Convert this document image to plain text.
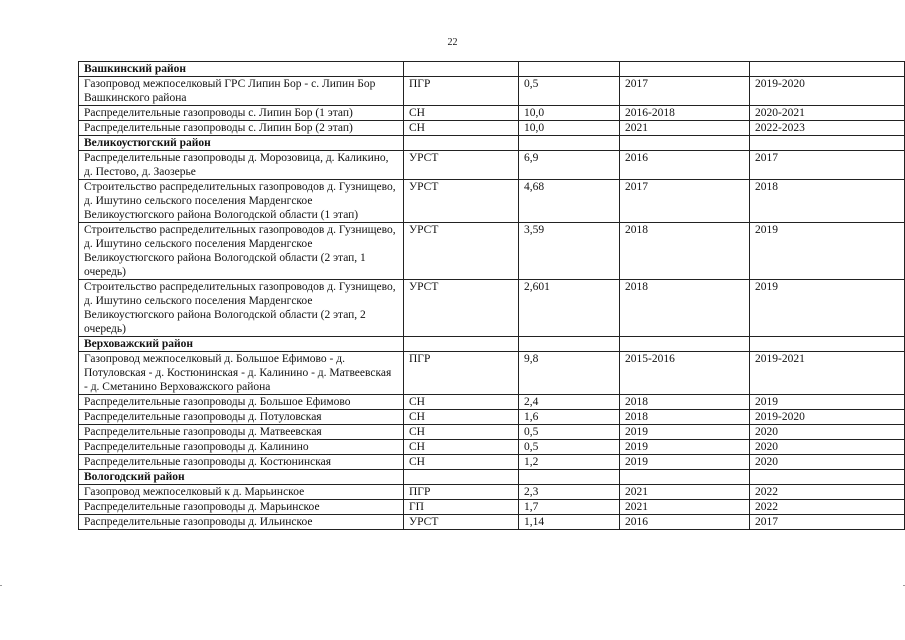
22
Вашкинский район				
Газопровод межпоселковый ГРС Липин Бор - с. Липин Бор Вашкинского района	ПГР	0,5	2017	2019-2020
Распределительные газопроводы с. Липин Бор (1 этап)	СН	10,0	2016-2018	2020-2021
Распределительные газопроводы с. Липин Бор (2 этап)	СН	10,0	2021	2022-2023
Великоустюгский район				
Распределительные газопроводы д. Морозовица, д. Каликино, д. Пестово, д. Заозерье	УРСТ	6,9	2016	2017
Строительство распределительных газопроводов д. Гузнищево, д. Ишутино сельского поселения Марденгское Великоустюгского района Вологодской области (1 этап)	УРСТ	4,68	2017	2018
Строительство распределительных газопроводов д. Гузнищево, д. Ишутино сельского поселения Марденгское Великоустюгского района Вологодской области (2 этап, 1 очередь)	УРСТ	3,59	2018	2019
Строительство распределительных газопроводов д. Гузнищево, д. Ишутино сельского поселения Марденгское Великоустюгского района Вологодской области (2 этап, 2 очередь)	УРСТ	2,601	2018	2019
Верховажский район				
Газопровод межпоселковый д. Большое Ефимово - д. Потуловская - д. Костюнинская - д. Калинино - д. Матвеевская - д. Сметанино Верховажского района	ПГР	9,8	2015-2016	2019-2021
Распределительные газопроводы д. Большое Ефимово	СН	2,4	2018	2019
Распределительные газопроводы д. Потуловская	СН	1,6	2018	2019-2020
Распределительные газопроводы д. Матвеевская	СН	0,5	2019	2020
Распределительные газопроводы д. Калинино	СН	0,5	2019	2020
Распределительные газопроводы д. Костюнинская	СН	1,2	2019	2020
Вологодский район				
Газопровод межпоселковый к д. Марьинское	ПГР	2,3	2021	2022
Распределительные газопроводы д. Марьинское	ГП	1,7	2021	2022
Распределительные газопроводы д. Ильинское	УРСТ	1,14	2016	2017
